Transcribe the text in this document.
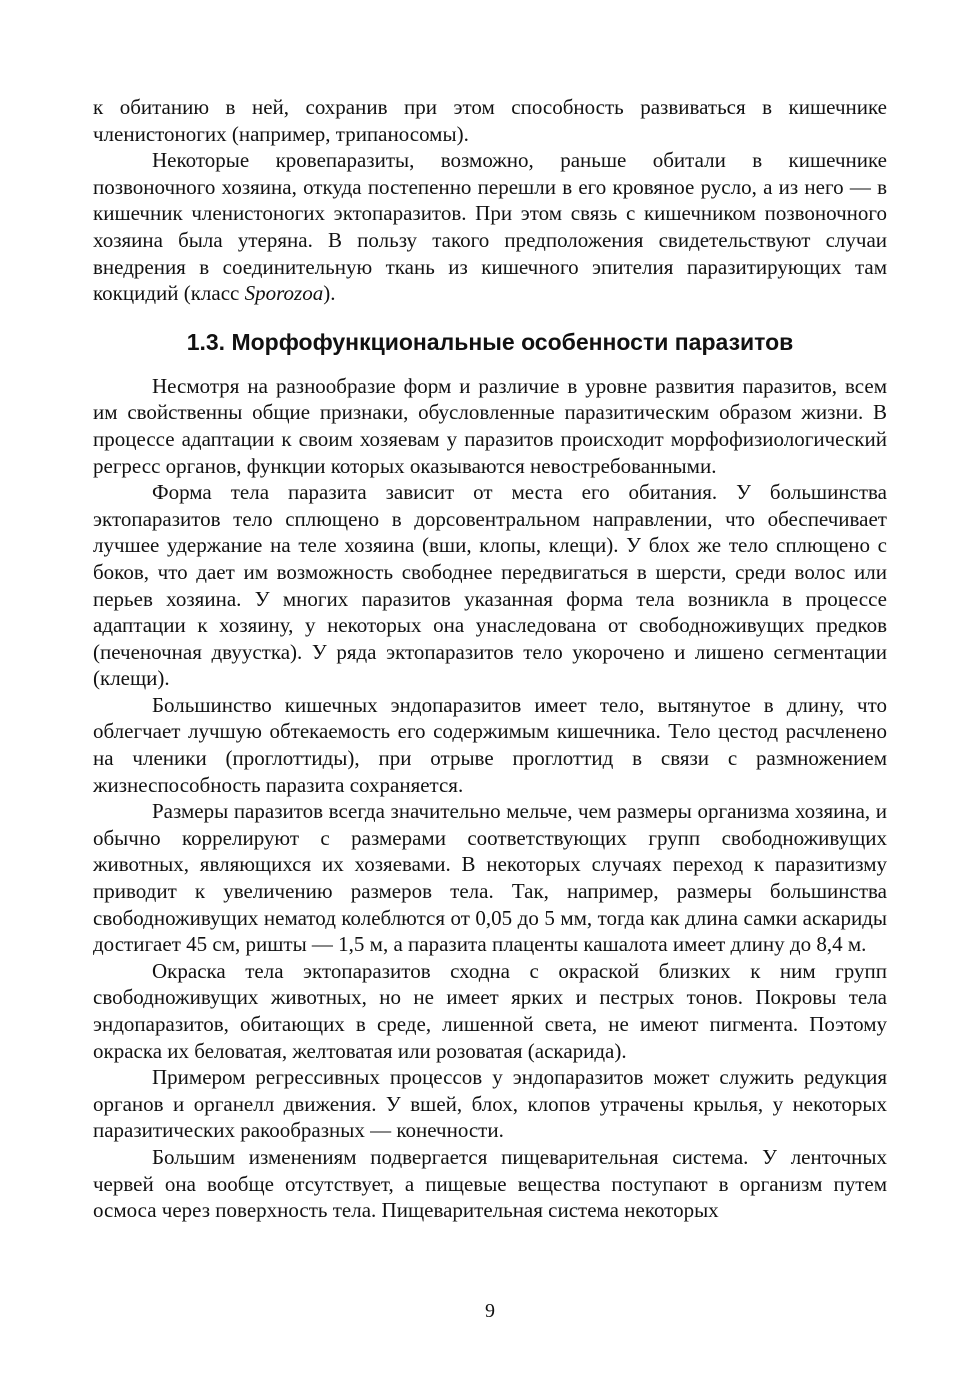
к обитанию в ней, сохранив при этом способность развиваться в кишечнике членистоногих (например, трипаносомы).

Некоторые кровепаразиты, возможно, раньше обитали в кишечнике позвоночного хозяина, откуда постепенно перешли в его кровяное русло, а из него — в кишечник членистоногих эктопаразитов. При этом связь с кишечником позвоночного хозяина была утеряна. В пользу такого предположения свидетельствуют случаи внедрения в соединительную ткань из кишечного эпителия паразитирующих там кокцидий (класс Sporozoa).

1.3. Морфофункциональные особенности паразитов

Несмотря на разнообразие форм и различие в уровне развития паразитов, всем им свойственны общие признаки, обусловленные паразитическим образом жизни. В процессе адаптации к своим хозяевам у паразитов происходит морфофизиологический регресс органов, функции которых оказываются невостребованными.

Форма тела паразита зависит от места его обитания. У большинства эктопаразитов тело сплющено в дорсовентральном направлении, что обеспечивает лучшее удержание на теле хозяина (вши, клопы, клещи). У блох же тело сплющено с боков, что дает им возможность свободнее передвигаться в шерсти, среди волос или перьев хозяина. У многих паразитов указанная форма тела возникла в процессе адаптации к хозяину, у некоторых она унаследована от свободноживущих предков (печеночная двуустка). У ряда эктопаразитов тело укорочено и лишено сегментации (клещи).

Большинство кишечных эндопаразитов имеет тело, вытянутое в длину, что облегчает лучшую обтекаемость его содержимым кишечника. Тело цестод расчленено на членики (проглоттиды), при отрыве проглоттид в связи с размножением жизнеспособность паразита сохраняется.

Размеры паразитов всегда значительно мельче, чем размеры организма хозяина, и обычно коррелируют с размерами соответствующих групп свободноживущих животных, являющихся их хозяевами. В некоторых случаях переход к паразитизму приводит к увеличению размеров тела. Так, например, размеры большинства свободноживущих нематод колеблются от 0,05 до 5 мм, тогда как длина самки аскариды достигает 45 см, ришты — 1,5 м, а паразита плаценты кашалота имеет длину до 8,4 м.

Окраска тела эктопаразитов сходна с окраской близких к ним групп свободноживущих животных, но не имеет ярких и пестрых тонов. Покровы тела эндопаразитов, обитающих в среде, лишенной света, не имеют пигмента. Поэтому окраска их беловатая, желтоватая или розоватая (аскарида).

Примером регрессивных процессов у эндопаразитов может служить редукция органов и органелл движения. У вшей, блох, клопов утрачены крылья, у некоторых паразитических ракообразных — конечности.

Большим изменениям подвергается пищеварительная система. У ленточных червей она вообще отсутствует, а пищевые вещества поступают в организм путем осмоса через поверхность тела. Пищеварительная система некоторых

9
